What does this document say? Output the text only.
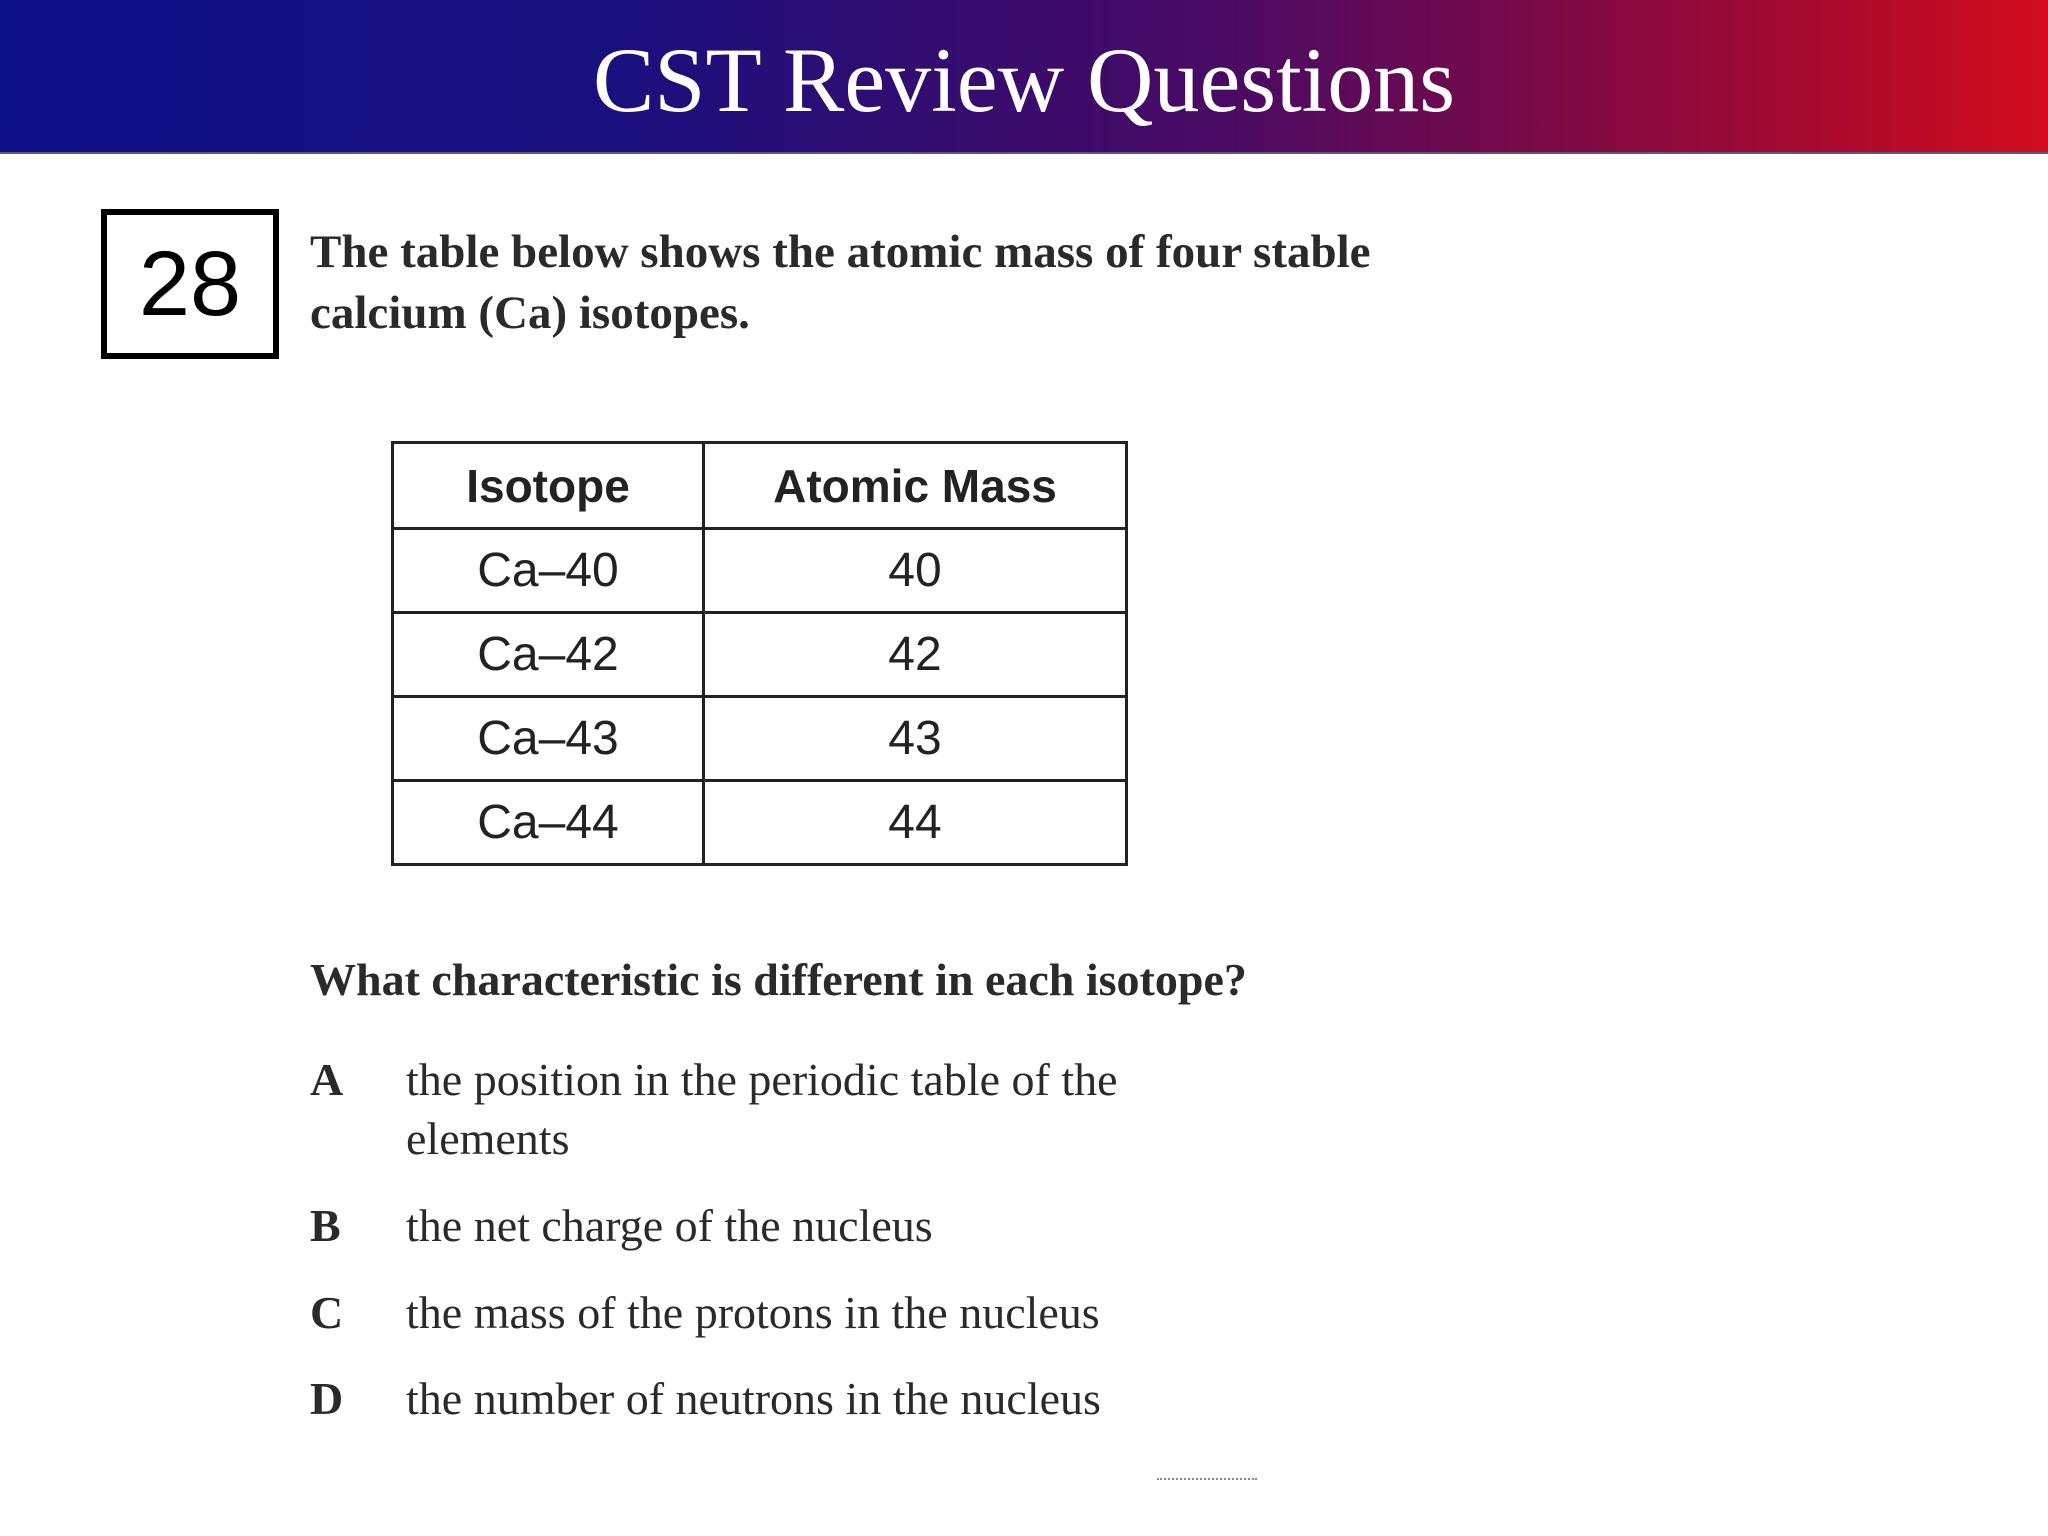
CST Review Questions
28	The table below shows the atomic mass of four stable calcium (Ca) isotopes.
Isotope	Atomic Mass
Ca–40	40
Ca–42	42
Ca–43	43
Ca–44	44
What characteristic is different in each isotope?
A	the position in the periodic table of the elements
B	the net charge of the nucleus
C	the mass of the protons in the nucleus
D	the number of neutrons in the nucleus
